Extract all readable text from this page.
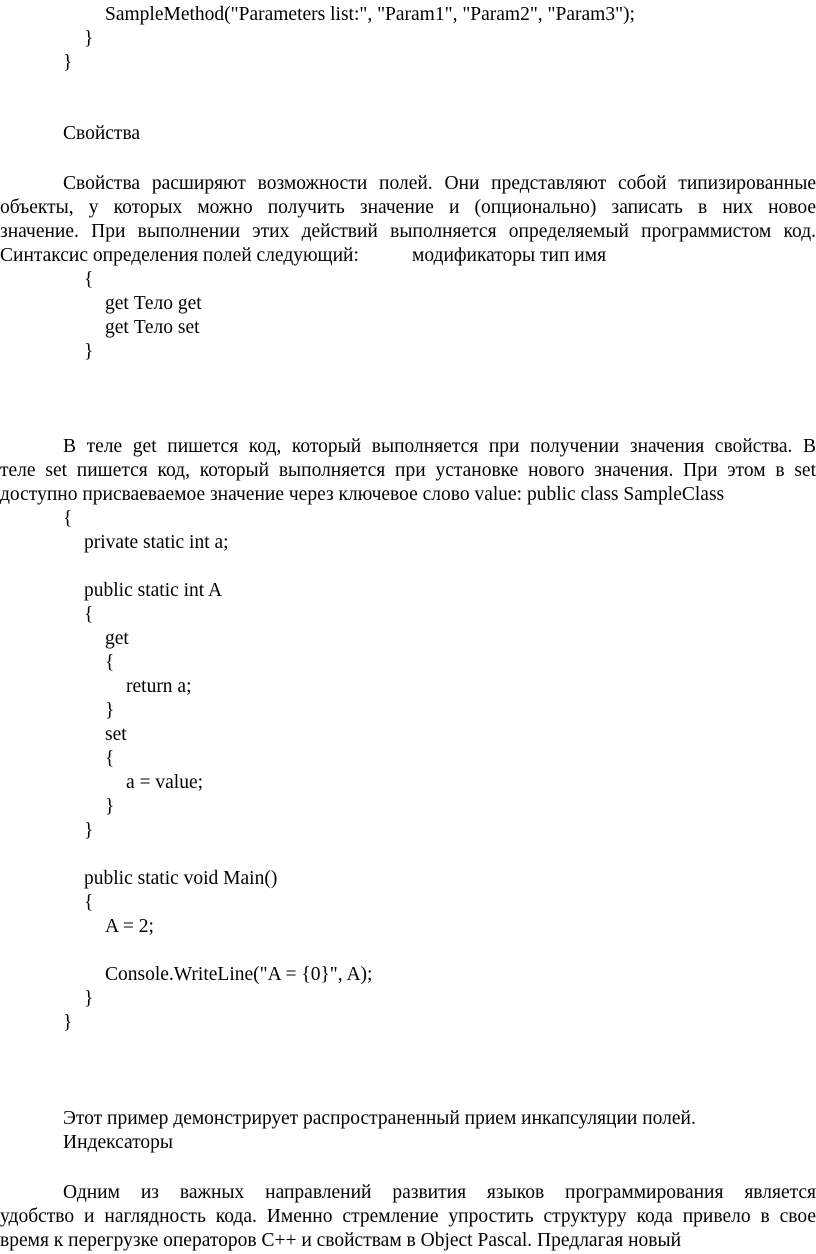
SampleMethod("Parameters list:", "Param1", "Param2", "Param3");
}
}
Свойства
Свойства расширяют возможности полей. Они представляют собой типизированные
объекты, у которых можно получить значение и (опционально) записать в них новое
значение. При выполнении этих действий выполняется определяемый программистом код.
Синтаксис определения полей следующий:	модификаторы тип имя
{
get Тело get
get Тело set
}
В теле get пишется код, который выполняется при получении значения свойства. В
теле set пишется код, который выполняется при установке нового значения. При этом в set
доступно присваеваемое значение через ключевое слово value: public class SampleClass
{
private static int a;
public static int A
{
get
{
return a;
}
set
{
a = value;
}
}
public static void Main()
{
A = 2;
Console.WriteLine("A = {0}", A);
}
}
Этот пример демонстрирует распространенный прием инкапсуляции полей.
Индексаторы
Одним из важных направлений развития языков программирования является
удобство и наглядность кода. Именно стремление упростить структуру кода привело в свое
время к перегрузке операторов C++ и свойствам в Object Pascal. Предлагая новый
